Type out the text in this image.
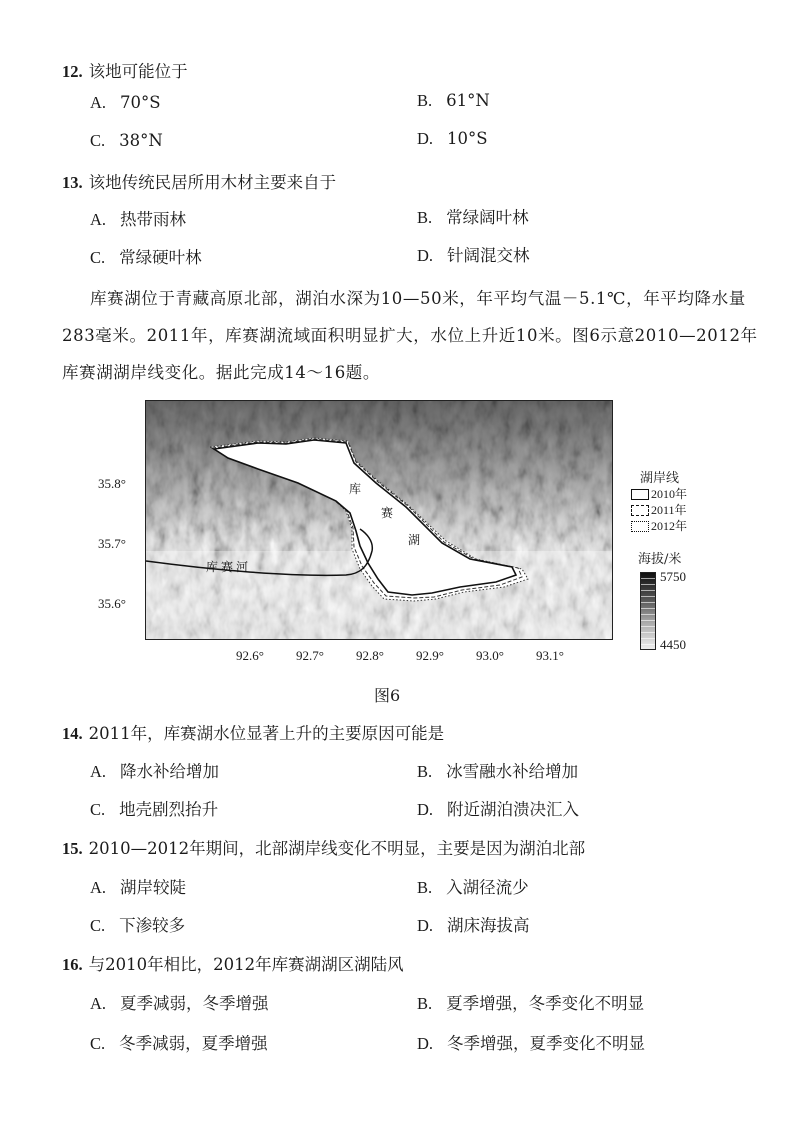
12. 该地可能位于
A. 70°S	B. 61°N
C. 38°N	D. 10°S
13. 该地传统民居所用木材主要来自于
A. 热带雨林	B. 常绿阔叶林
C. 常绿硬叶林	D. 针阔混交林
库赛湖位于青藏高原北部，湖泊水深为10—50米，年平均气温－5.1℃，年平均降水量
283毫米。2011年，库赛湖流域面积明显扩大，水位上升近10米。图6示意2010—2012年
库赛湖湖岸线变化。据此完成14～16题。
库
赛
湖
库赛河
35.8°
35.7°
35.6°
92.6° 92.7° 92.8° 92.9° 93.0° 93.1°
湖岸线
2010年
2011年
2012年
海拔/米
5750
4450
图6
14. 2011年，库赛湖水位显著上升的主要原因可能是
A. 降水补给增加	B. 冰雪融水补给增加
C. 地壳剧烈抬升	D. 附近湖泊溃决汇入
15. 2010—2012年期间，北部湖岸线变化不明显，主要是因为湖泊北部
A. 湖岸较陡	B. 入湖径流少
C. 下渗较多	D. 湖床海拔高
16. 与2010年相比，2012年库赛湖湖区湖陆风
A. 夏季减弱，冬季增强	B. 夏季增强，冬季变化不明显
C. 冬季减弱，夏季增强	D. 冬季增强，夏季变化不明显
